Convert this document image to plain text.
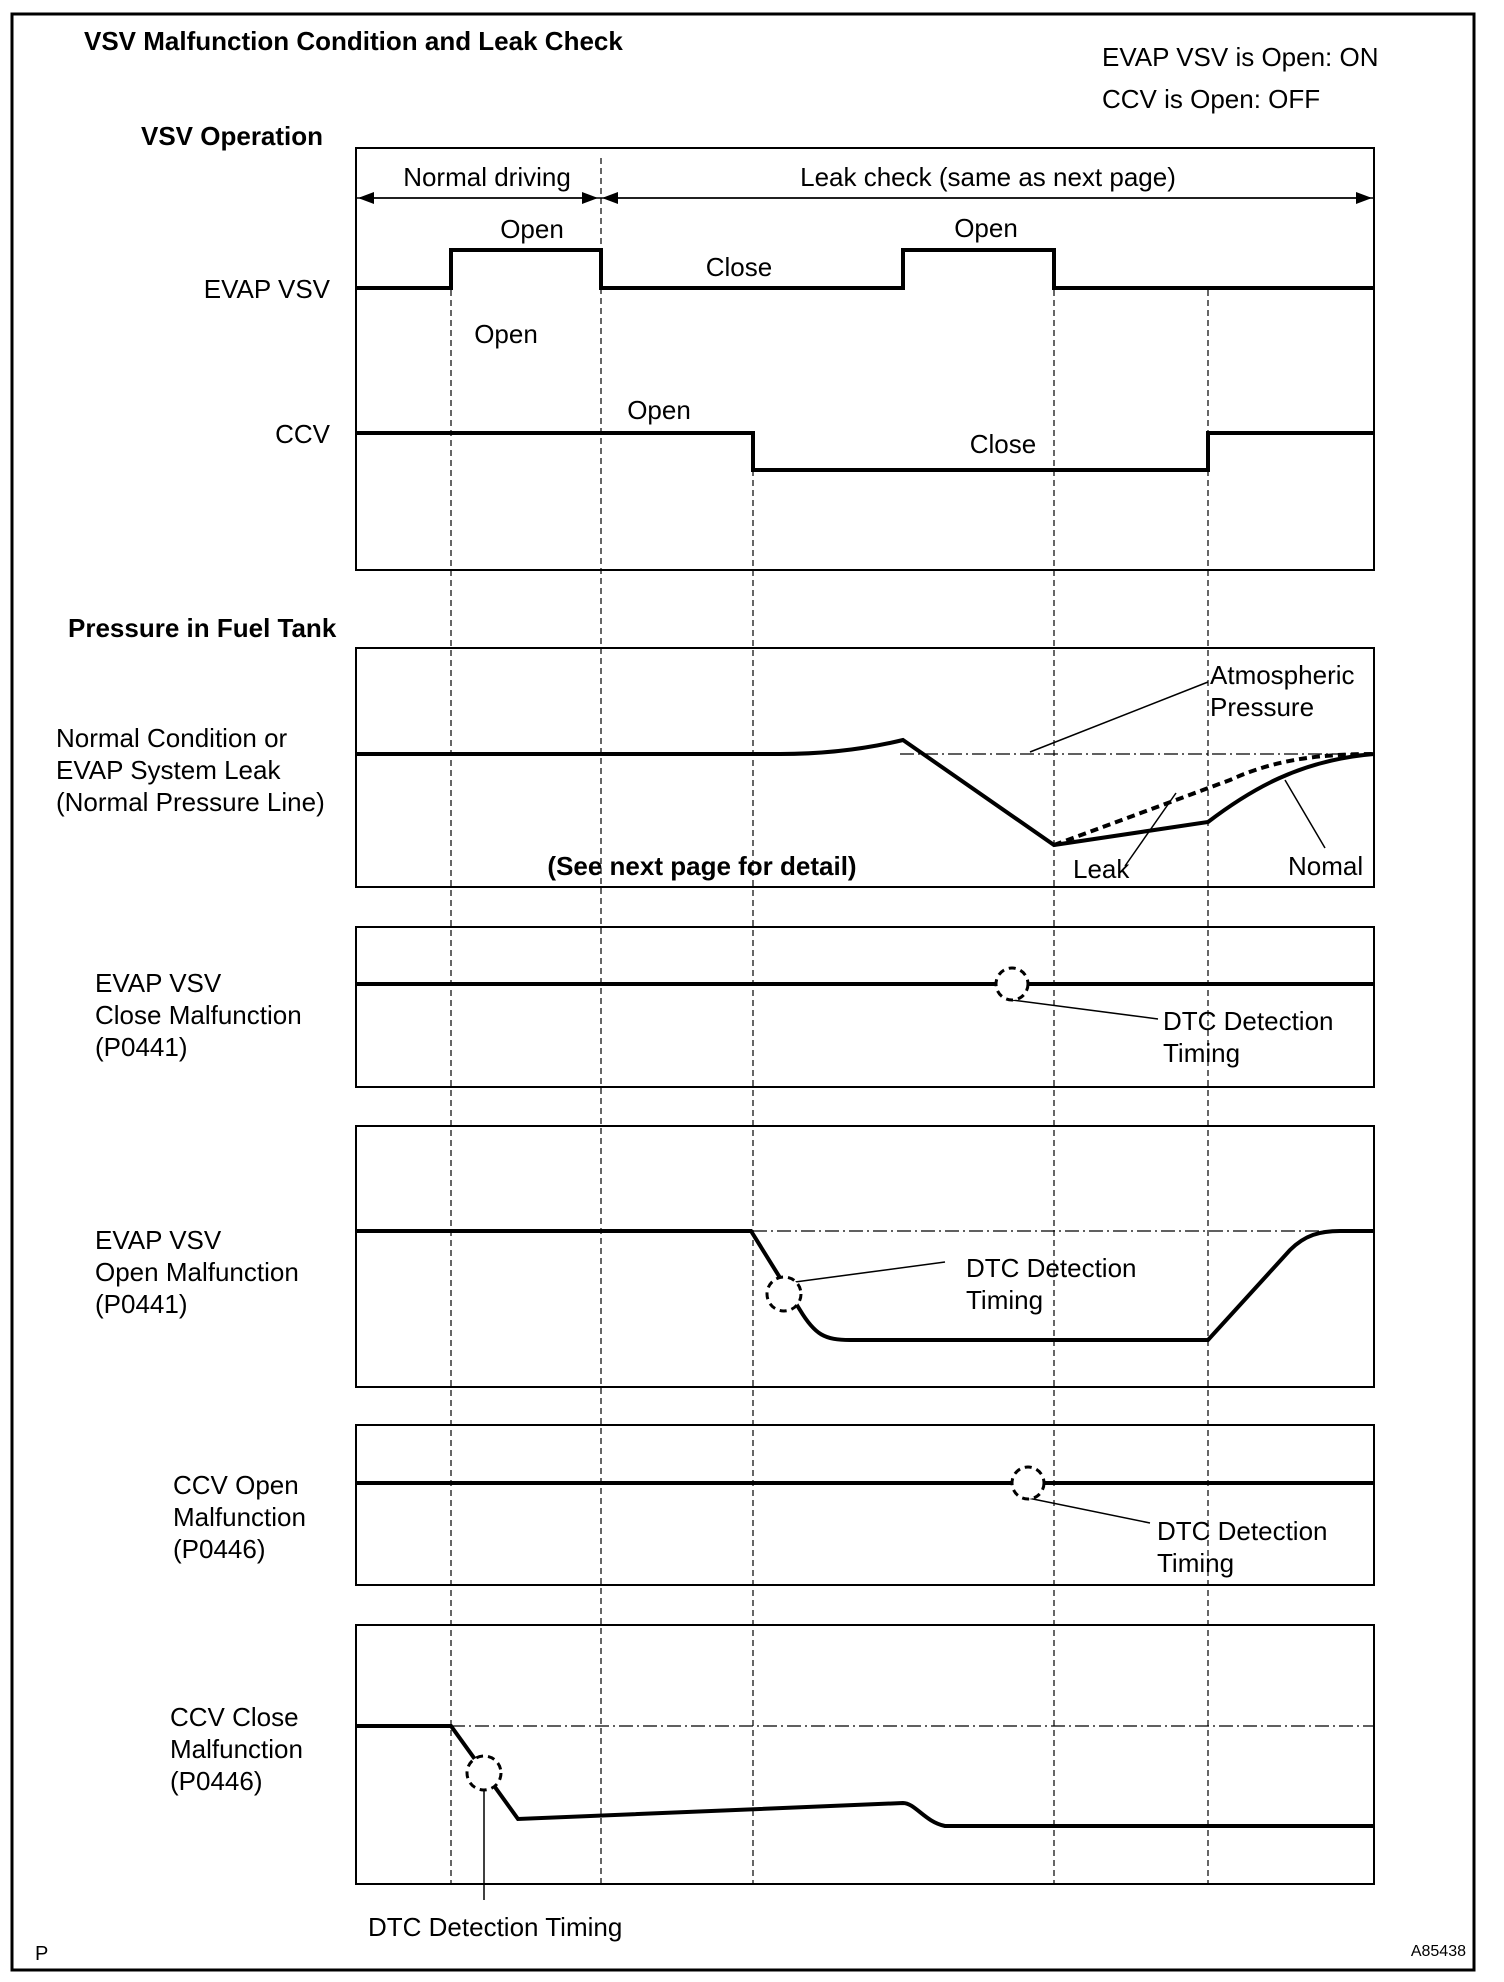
VSV Malfunction Condition and Leak Check
EVAP VSV is Open: ON
CCV is Open: OFF
VSV Operation
Normal driving	Leak check (same as next page)
EVAP VSV
Open
Close
Open
CCV
Open
Open
Close
Pressure in Fuel Tank
Normal Condition or
EVAP System Leak
(Normal Pressure Line)
Atmospheric
Pressure
(See next page for detail)	Leak	Nomal
EVAP VSV
Close Malfunction
(P0441)
DTC Detection
Timing
EVAP VSV
Open Malfunction
(P0441)
DTC Detection
Timing
CCV Open
Malfunction
(P0446)
DTC Detection
Timing
CCV Close
Malfunction
(P0446)
DTC Detection Timing
P	A85438
